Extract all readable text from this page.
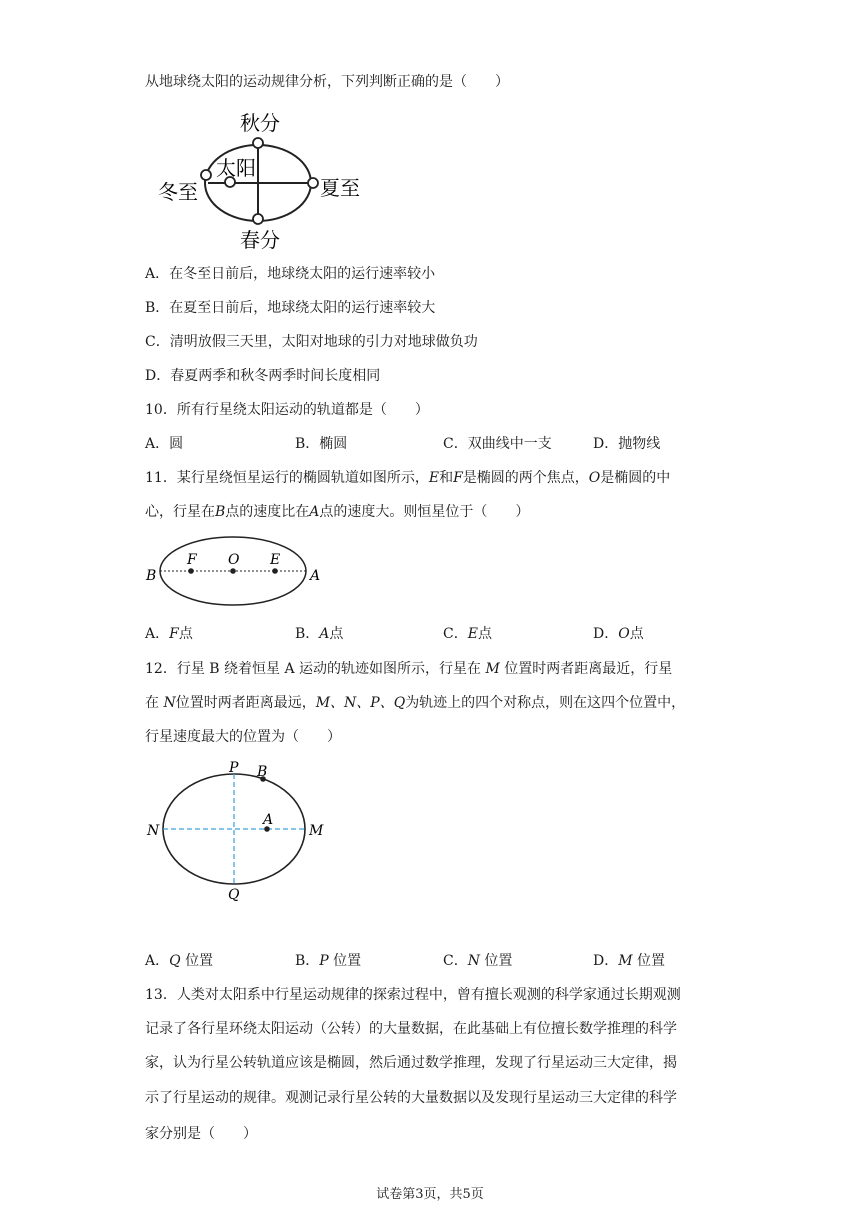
从地球绕太阳的运动规律分析，下列判断正确的是（　　）
秋分
太阳
冬至	夏至
春分
A．在冬至日前后，地球绕太阳的运行速率较小
B．在夏至日前后，地球绕太阳的运行速率较大
C．清明放假三天里，太阳对地球的引力对地球做负功
D．春夏两季和秋冬两季时间长度相同
10．所有行星绕太阳运动的轨道都是（　　）
A．圆	B．椭圆	C．双曲线中一支	D．抛物线
11．某行星绕恒星运行的椭圆轨道如图所示，E和F是椭圆的两个焦点，O是椭圆的中
心，行星在B点的速度比在A点的速度大。则恒星位于（　　）
B
F O E
A
A．F点	B．A点	C．E点	D．O点
12．行星 B 绕着恒星 A 运动的轨迹如图所示，行星在 M 位置时两者距离最近，行星
在 N位置时两者距离最远，M、N、P、Q为轨迹上的四个对称点，则在这四个位置中，
行星速度最大的位置为（　　）
P B
A
N	M
Q
A．Q 位置	B．P 位置	C．N 位置	D．M 位置
13．人类对太阳系中行星运动规律的探索过程中，曾有擅长观测的科学家通过长期观测
记录了各行星环绕太阳运动（公转）的大量数据，在此基础上有位擅长数学推理的科学
家，认为行星公转轨道应该是椭圆，然后通过数学推理，发现了行星运动三大定律，揭
示了行星运动的规律。观测记录行星公转的大量数据以及发现行星运动三大定律的科学
家分别是（　　）
试卷第3页，共5页
